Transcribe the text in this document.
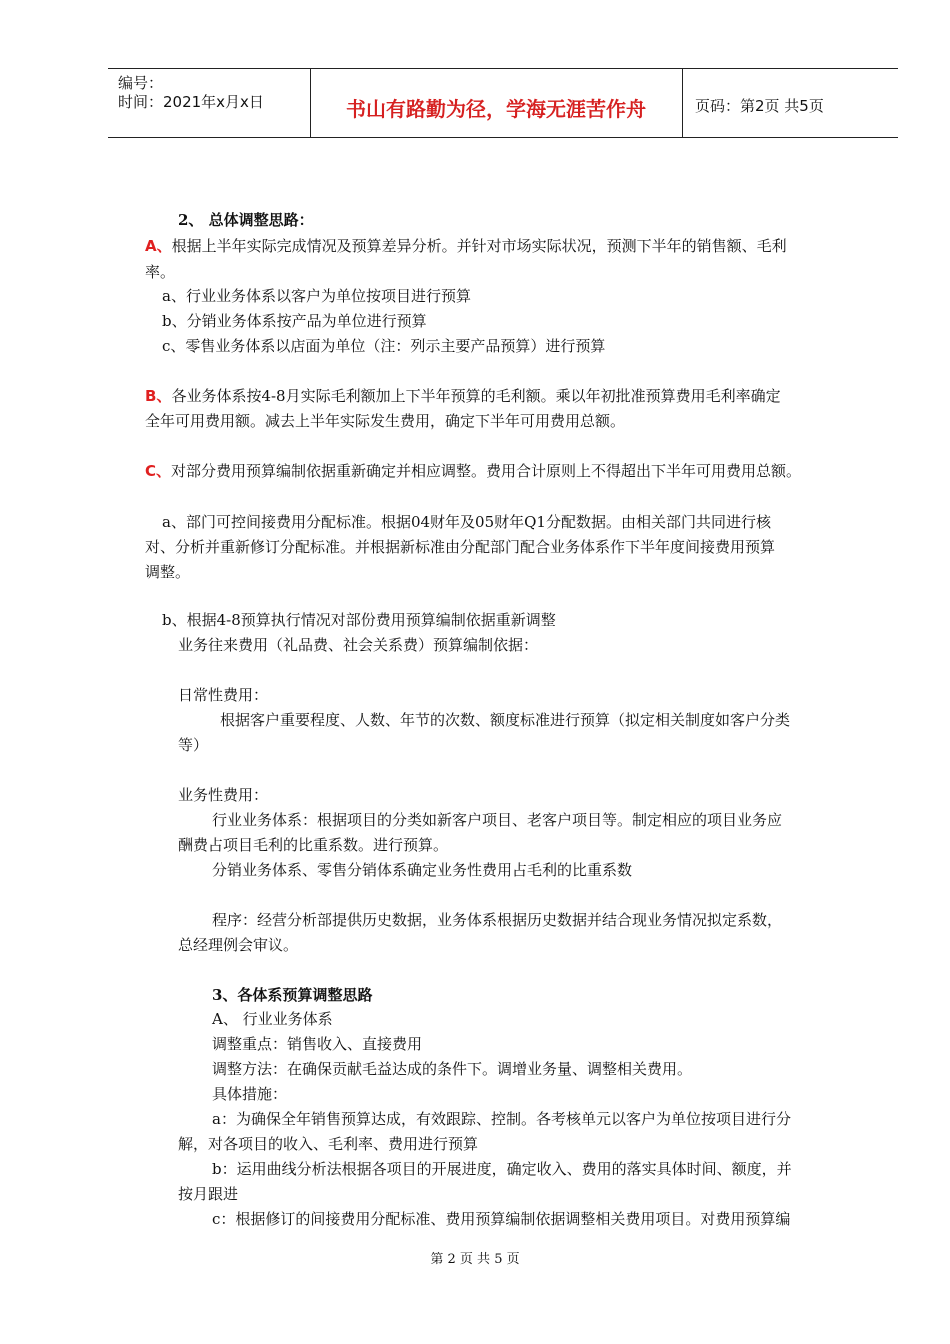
编号：
时间：2021年x月x日	书山有路勤为径，学海无涯苦作舟	页码：第2页 共5页
2、 总体调整思路：
A、根据上半年实际完成情况及预算差异分析。并针对市场实际状况，预测下半年的销售额、毛利
率。
a、行业业务体系以客户为单位按项目进行预算
b、分销业务体系按产品为单位进行预算
c、零售业务体系以店面为单位（注：列示主要产品预算）进行预算
B、各业务体系按4-8月实际毛利额加上下半年预算的毛利额。乘以年初批准预算费用毛利率确定
全年可用费用额。减去上半年实际发生费用，确定下半年可用费用总额。
C、对部分费用预算编制依据重新确定并相应调整。费用合计原则上不得超出下半年可用费用总额。
a、部门可控间接费用分配标准。根据04财年及05财年Q1分配数据。由相关部门共同进行核
对、分析并重新修订分配标准。并根据新标准由分配部门配合业务体系作下半年度间接费用预算
调整。
b、根据4-8预算执行情况对部份费用预算编制依据重新调整
业务往来费用（礼品费、社会关系费）预算编制依据：
日常性费用：
根据客户重要程度、人数、年节的次数、额度标准进行预算（拟定相关制度如客户分类
等）
业务性费用：
行业业务体系：根据项目的分类如新客户项目、老客户项目等。制定相应的项目业务应
酬费占项目毛利的比重系数。进行预算。
分销业务体系、零售分销体系确定业务性费用占毛利的比重系数
程序：经营分析部提供历史数据，业务体系根据历史数据并结合现业务情况拟定系数，
总经理例会审议。
3、各体系预算调整思路
A、 行业业务体系
调整重点：销售收入、直接费用
调整方法：在确保贡献毛益达成的条件下。调增业务量、调整相关费用。
具体措施：
a：为确保全年销售预算达成，有效跟踪、控制。各考核单元以客户为单位按项目进行分
解，对各项目的收入、毛利率、费用进行预算
b：运用曲线分析法根据各项目的开展进度，确定收入、费用的落实具体时间、额度，并
按月跟进
c：根据修订的间接费用分配标准、费用预算编制依据调整相关费用项目。对费用预算编
第 2 页 共 5 页
